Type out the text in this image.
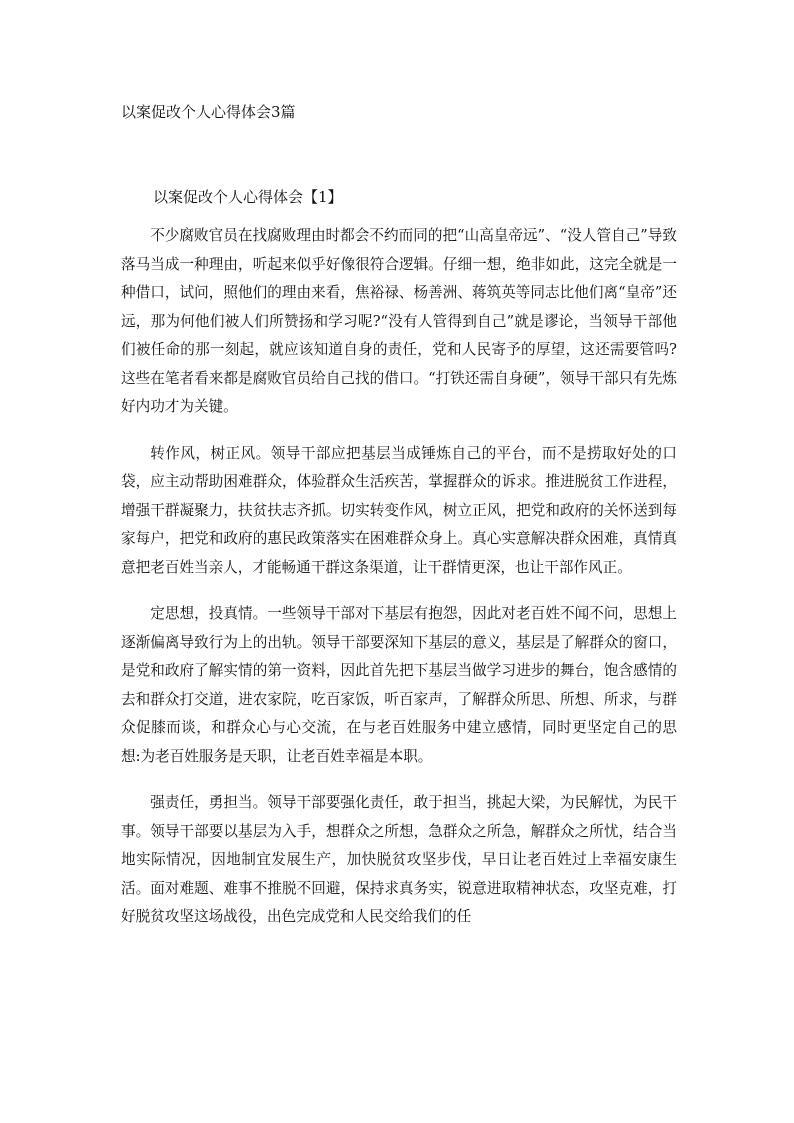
以案促改个人心得体会3篇
以案促改个人心得体会【1】

不少腐败官员在找腐败理由时都会不约而同的把“山高皇帝远”、“没人管自己”导致落马当成一种理由，听起来似乎好像很符合逻辑。仔细一想，绝非如此，这完全就是一种借口，试问，照他们的理由来看，焦裕禄、杨善洲、蒋筑英等同志比他们离“皇帝”还远，那为何他们被人们所赞扬和学习呢?“没有人管得到自己”就是谬论，当领导干部他们被任命的那一刻起，就应该知道自身的责任，党和人民寄予的厚望，这还需要管吗?这些在笔者看来都是腐败官员给自己找的借口。“打铁还需自身硬”，领导干部只有先炼好内功才为关键。

转作风，树正风。领导干部应把基层当成锤炼自己的平台，而不是捞取好处的口袋，应主动帮助困难群众，体验群众生活疾苦，掌握群众的诉求。推进脱贫工作进程，增强干群凝聚力，扶贫扶志齐抓。切实转变作风，树立正风，把党和政府的关怀送到每家每户，把党和政府的惠民政策落实在困难群众身上。真心实意解决群众困难，真情真意把老百姓当亲人，才能畅通干群这条渠道，让干群情更深，也让干部作风正。

定思想，投真情。一些领导干部对下基层有抱怨，因此对老百姓不闻不问，思想上逐渐偏离导致行为上的出轨。领导干部要深知下基层的意义，基层是了解群众的窗口，是党和政府了解实情的第一资料，因此首先把下基层当做学习进步的舞台，饱含感情的去和群众打交道，进农家院，吃百家饭，听百家声，了解群众所思、所想、所求，与群众促膝而谈，和群众心与心交流，在与老百姓服务中建立感情，同时更坚定自己的思想:为老百姓服务是天职，让老百姓幸福是本职。

强责任，勇担当。领导干部要强化责任，敢于担当，挑起大梁，为民解忧，为民干事。领导干部要以基层为入手，想群众之所想，急群众之所急，解群众之所忧，结合当地实际情况，因地制宜发展生产，加快脱贫攻坚步伐，早日让老百姓过上幸福安康生活。面对难题、难事不推脱不回避，保持求真务实，锐意进取精神状态，攻坚克难，打好脱贫攻坚这场战役，出色完成党和人民交给我们的任
